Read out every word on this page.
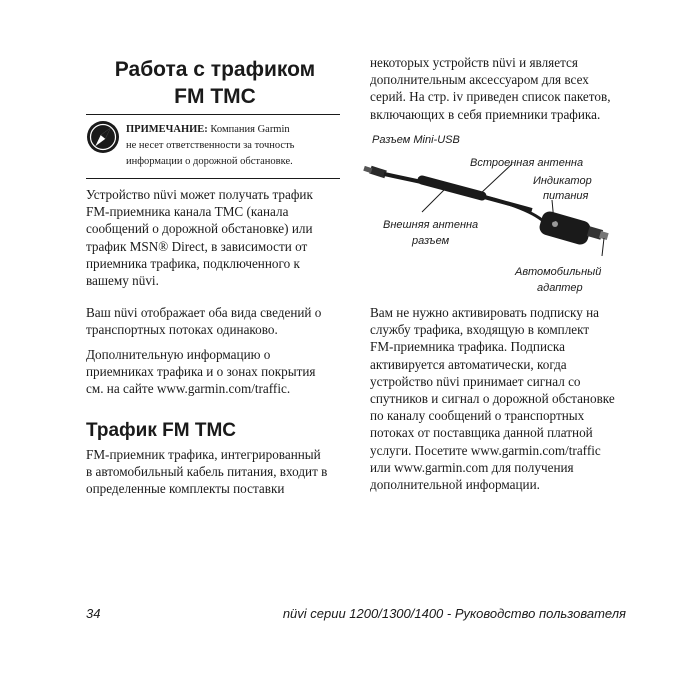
Работа с трафиком
FM TMC
ПРИМЕЧАНИЕ: Компания Garmin
не несет ответственности за точность
информации о дорожной обстановке.
Устройство nüvi может получать трафик
FM-приемника канала TMC (канала
сообщений о дорожной обстановке) или
трафик MSN® Direct, в зависимости от
приемника трафика, подключенного к
вашему nüvi.
Ваш nüvi отображает оба вида сведений о
транспортных потоках одинаково.
Дополнительную информацию о
приемниках трафика и о зонах покрытия
см. на сайте www.garmin.com/traffic.
Трафик FM TMC
FM-приемник трафика, интегрированный
в автомобильный кабель питания, входит в
определенные комплекты поставки
некоторых устройств nüvi и является
дополнительным аксессуаром для всех
серий. На стр. iv приведен список пакетов,
включающих в себя приемники трафика.
Разъем Mini-USB
Встроенная антенна
Индикатор
питания
Внешняя антенна
разъем
Автомобильный
адаптер
Вам не нужно активировать подписку на
службу трафика, входящую в комплект
FM-приемника трафика. Подписка
активируется автоматически, когда
устройство nüvi принимает сигнал со
спутников и сигнал о дорожной обстановке
по каналу сообщений о транспортных
потоках от поставщика данной платной
услуги. Посетите www.garmin.com/traffic
или www.garmin.com для получения
дополнительной информации.
34	nüvi серии 1200/1300/1400 - Руководство пользователя
